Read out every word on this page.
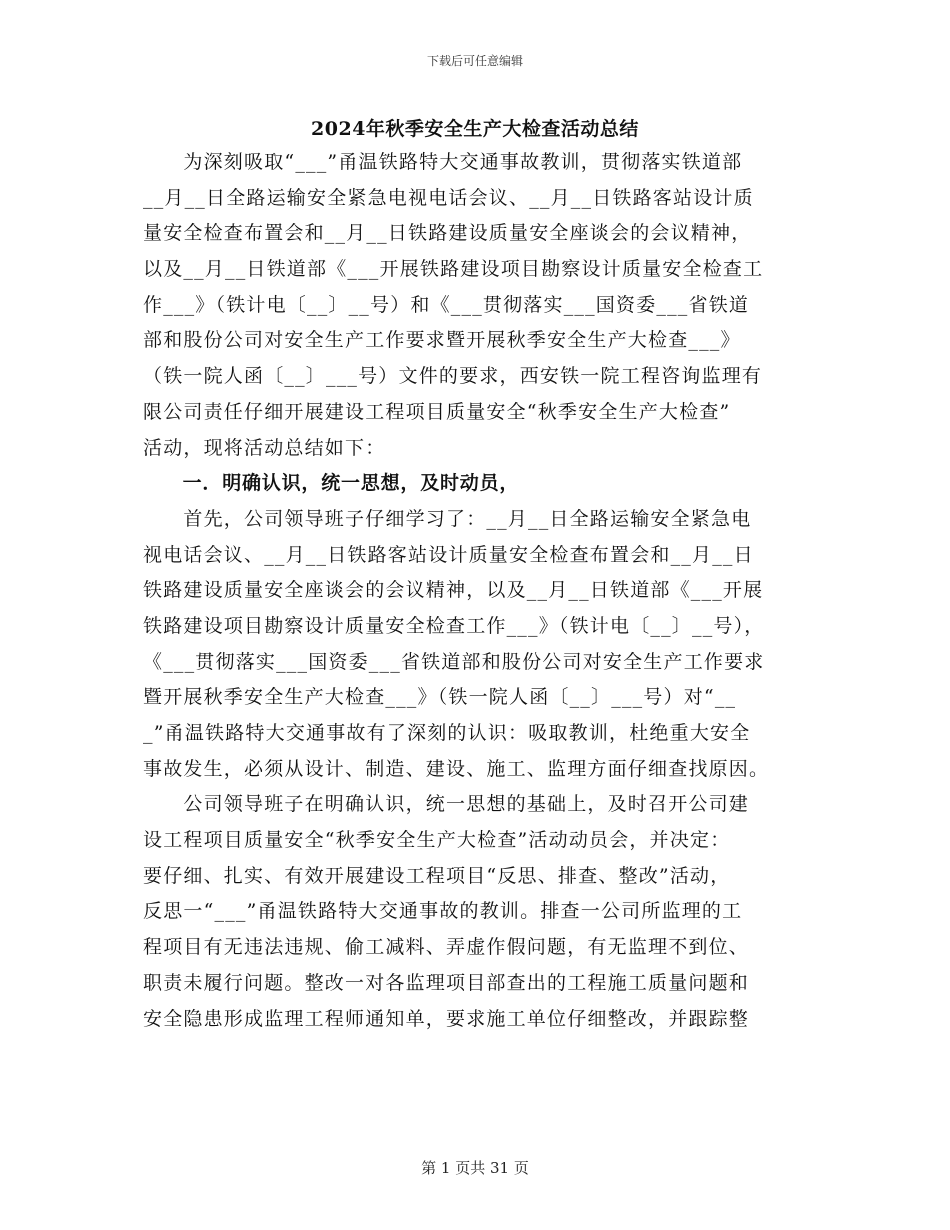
下载后可任意编辑
2024年秋季安全生产大检查活动总结
　　为深刻吸取“___”甬温铁路特大交通事故教训，贯彻落实铁道部
__月__日全路运输安全紧急电视电话会议、__月__日铁路客站设计质
量安全检查布置会和__月__日铁路建设质量安全座谈会的会议精神，
以及__月__日铁道部《___开展铁路建设项目勘察设计质量安全检查工
作___》（铁计电〔__〕__号）和《___贯彻落实___国资委___省铁道
部和股份公司对安全生产工作要求暨开展秋季安全生产大检查___》
（铁一院人函〔__〕___号）文件的要求，西安铁一院工程咨询监理有
限公司责任仔细开展建设工程项目质量安全“秋季安全生产大检查”
活动，现将活动总结如下：
　　一．明确认识，统一思想，及时动员，
　　首先，公司领导班子仔细学习了：__月__日全路运输安全紧急电
视电话会议、__月__日铁路客站设计质量安全检查布置会和__月__日
铁路建设质量安全座谈会的会议精神，以及__月__日铁道部《___开展
铁路建设项目勘察设计质量安全检查工作___》（铁计电〔__〕__号），
《___贯彻落实___国资委___省铁道部和股份公司对安全生产工作要求
暨开展秋季安全生产大检查___》（铁一院人函〔__〕___号）对“__
_”甬温铁路特大交通事故有了深刻的认识：吸取教训，杜绝重大安全
事故发生，必须从设计、制造、建设、施工、监理方面仔细查找原因。
　　公司领导班子在明确认识，统一思想的基础上，及时召开公司建
设工程项目质量安全“秋季安全生产大检查”活动动员会，并决定：
要仔细、扎实、有效开展建设工程项目“反思、排查、整改”活动，
反思一“___”甬温铁路特大交通事故的教训。排查一公司所监理的工
程项目有无违法违规、偷工减料、弄虚作假问题，有无监理不到位、
职责未履行问题。整改一对各监理项目部查出的工程施工质量问题和
安全隐患形成监理工程师通知单，要求施工单位仔细整改，并跟踪整
第 1 页共 31 页
